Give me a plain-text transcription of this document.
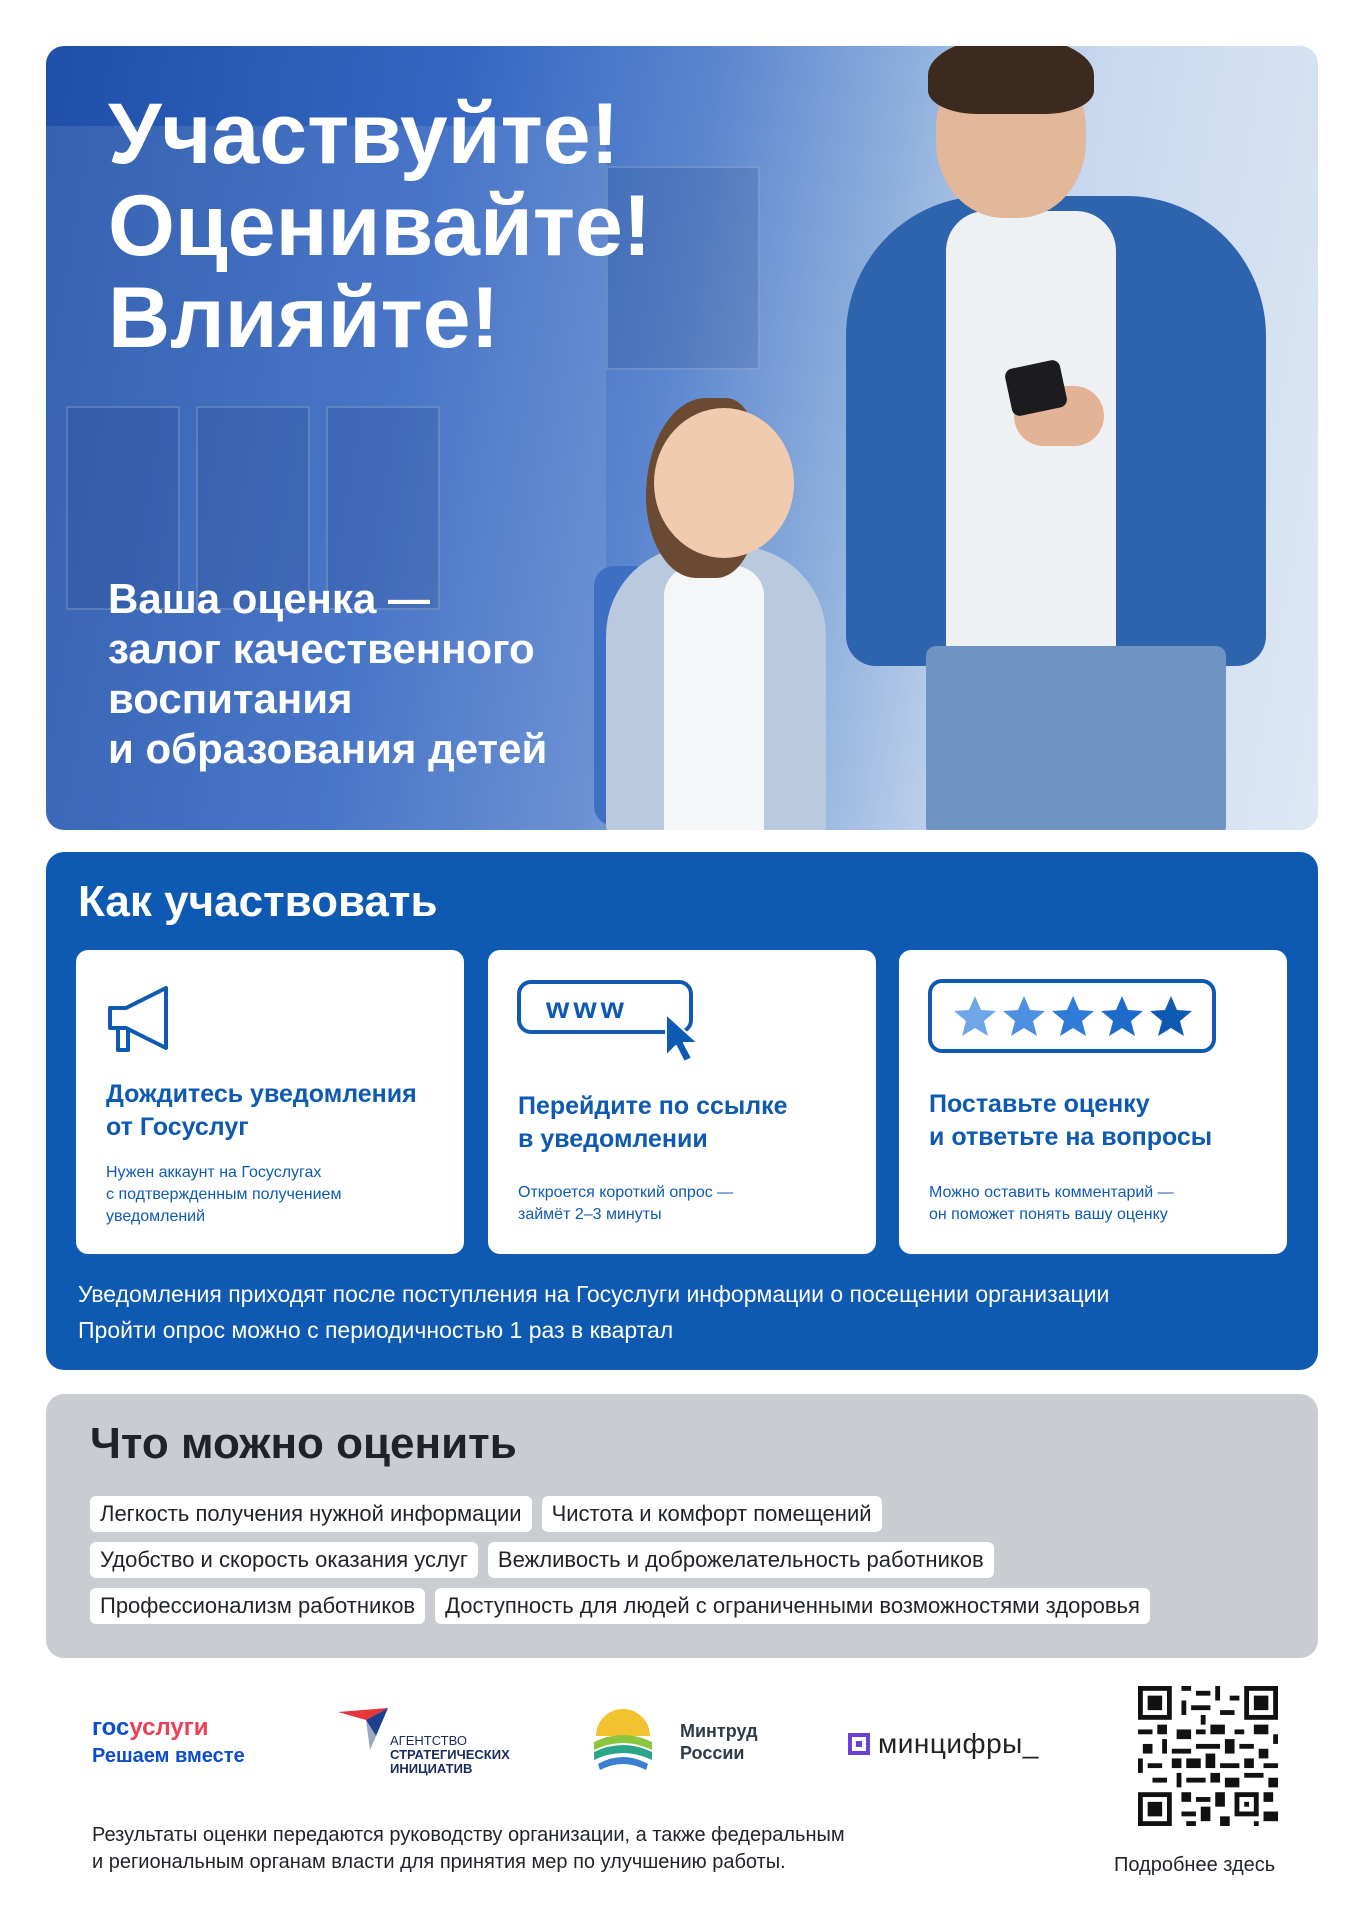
Участвуйте!
Оценивайте!
Влияйте!

Ваша оценка —
залог качественного
воспитания
и образования детей

Как участвовать

Дождитесь уведомления
от Госуслуг

Нужен аккаунт на Госуслугах
с подтвержденным получением
уведомлений

www

Перейдите по ссылке
в уведомлении

Откроется короткий опрос —
займёт 2–3 минуты

Поставьте оценку
и ответьте на вопросы

Можно оставить комментарий —
он поможет понять вашу оценку

Уведомления приходят после поступления на Госуслуги информации о посещении организации
Пройти опрос можно с периодичностью 1 раз в квартал

Что можно оценить
Легкость получения нужной информации	Чистота и комфорт помещений
Удобство и скорость оказания услуг	Вежливость и доброжелательность работников
Профессионализм работников	Доступность для людей с ограниченными возможностями здоровья
госуслуги
Решаем вместе
АГЕНТСТВО
СТРАТЕГИЧЕСКИХ
ИНИЦИАТИВ
Минтруд
России	минцифры_

Подробнее здесь

Результаты оценки передаются руководству организации, а также федеральным
и региональным органам власти для принятия мер по улучшению работы.
